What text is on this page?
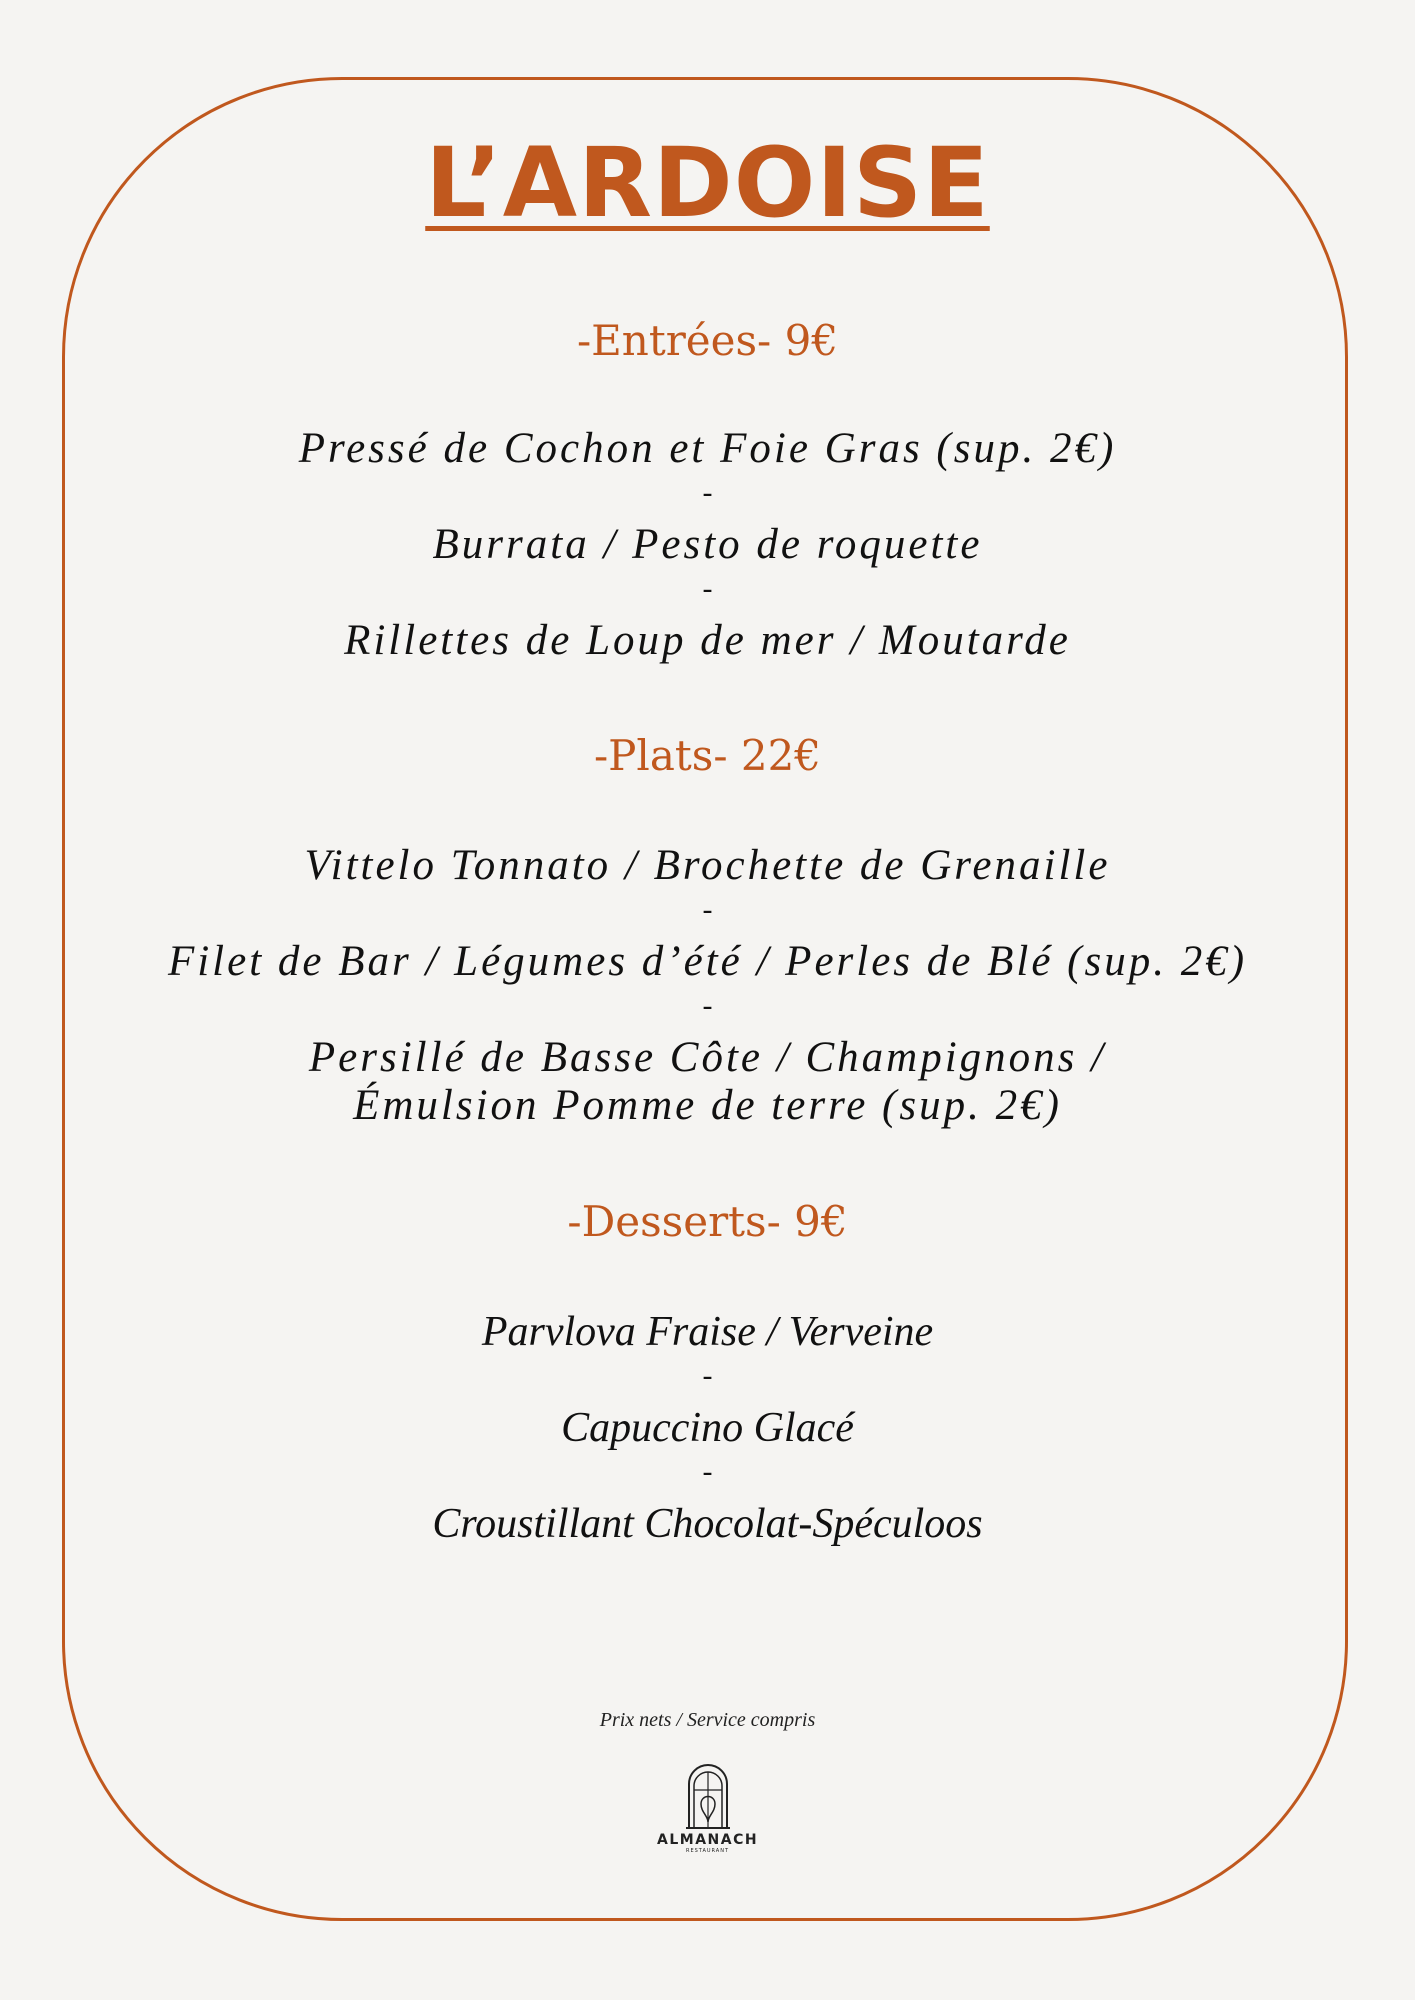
L’ARDOISE
-Entrées- 9€
Pressé de Cochon et Foie Gras (sup. 2€)
-
Burrata / Pesto de roquette
-
Rillettes de Loup de mer / Moutarde
-Plats- 22€
Vittelo Tonnato / Brochette de Grenaille
-
Filet de Bar / Légumes d’été / Perles de Blé (sup. 2€)
-
Persillé de Basse Côte / Champignons /
Émulsion Pomme de terre (sup. 2€)
-Desserts- 9€
Parvlova Fraise / Verveine
-
Capuccino Glacé
-
Croustillant Chocolat-Spéculoos
Prix nets / Service compris
ALMANACH
RESTAURANT
